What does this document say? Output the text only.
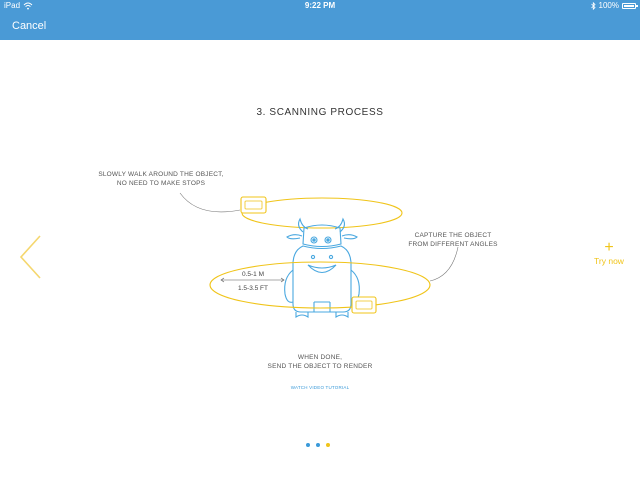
iPad	9:22 PM	100%
Cancel
3. SCANNING PROCESS
SLOWLY WALK AROUND THE OBJECT,
NO NEED TO MAKE STOPS
CAPTURE THE OBJECT
FROM DIFFERENT ANGLES
0.5-1 M
1.5-3.5 FT
WHEN DONE,
SEND THE OBJECT TO RENDER
WATCH VIDEO TUTORIAL
+
Try now
